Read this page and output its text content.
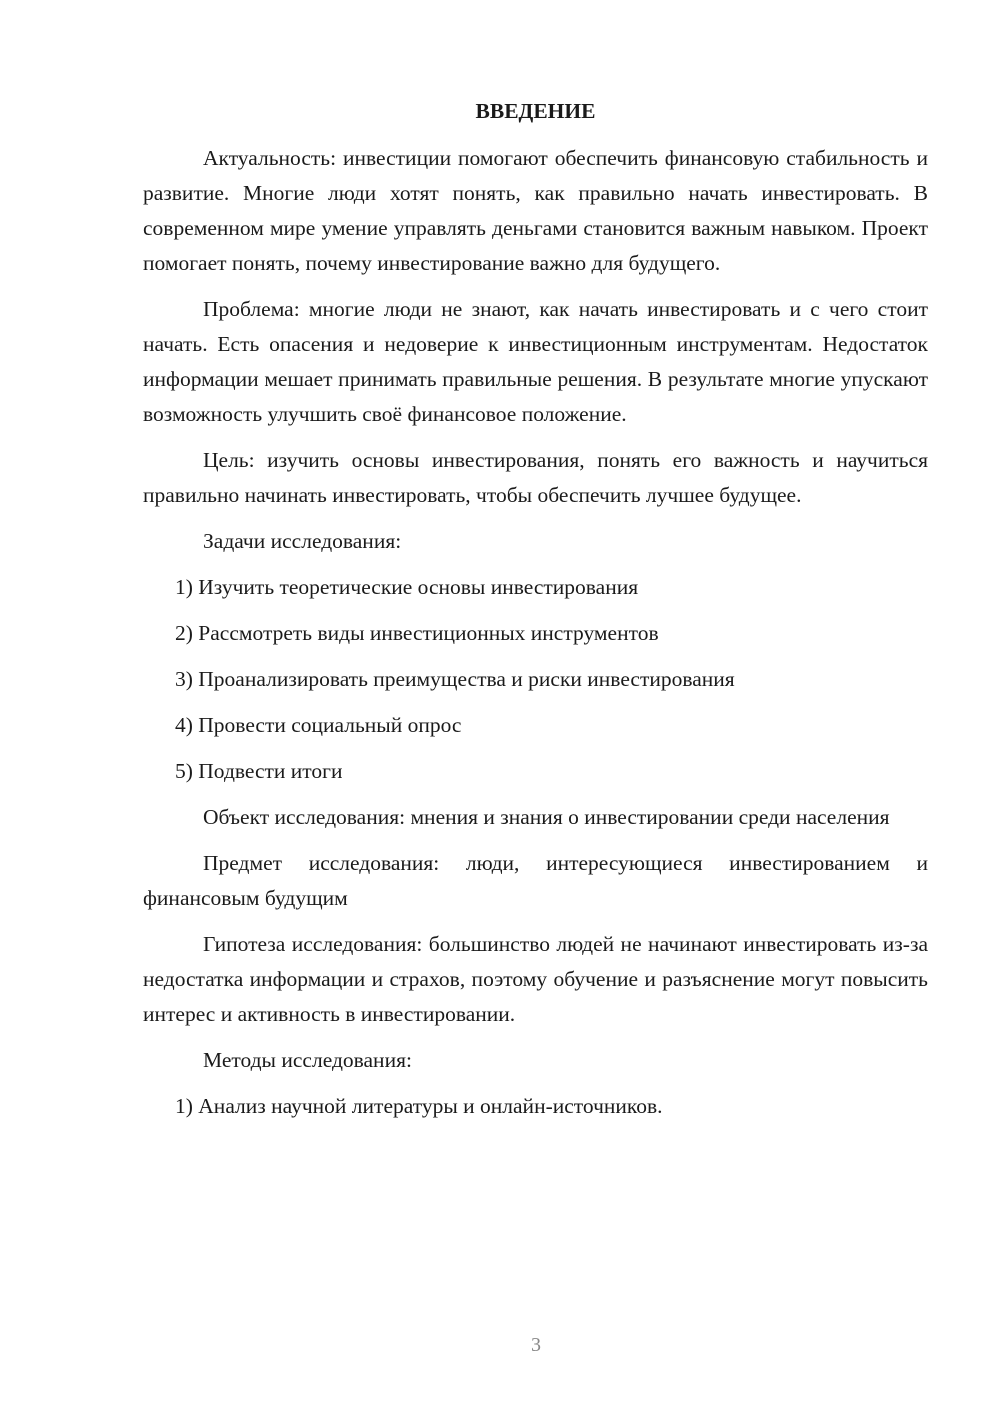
ВВЕДЕНИЕ

Актуальность: инвестиции помогают обеспечить финансовую стабильность и развитие. Многие люди хотят понять, как правильно начать инвестировать. В современном мире умение управлять деньгами становится важным навыком. Проект помогает понять, почему инвестирование важно для будущего.

Проблема: многие люди не знают, как начать инвестировать и с чего стоит начать. Есть опасения и недоверие к инвестиционным инструментам. Недостаток информации мешает принимать правильные решения. В результате многие упускают возможность улучшить своё финансовое положение.

Цель: изучить основы инвестирования, понять его важность и научиться правильно начинать инвестировать, чтобы обеспечить лучшее будущее.

Задачи исследования:
1) Изучить теоретические основы инвестирования
2) Рассмотреть виды инвестиционных инструментов
3) Проанализировать преимущества и риски инвестирования
4) Провести социальный опрос
5) Подвести итоги

Объект исследования: мнения и знания о инвестировании среди населения

Предмет исследования: люди, интересующиеся инвестированием и финансовым будущим

Гипотеза исследования: большинство людей не начинают инвестировать из-за недостатка информации и страхов, поэтому обучение и разъяснение могут повысить интерес и активность в инвестировании.

Методы исследования:
1) Анализ научной литературы и онлайн-источников.
3
